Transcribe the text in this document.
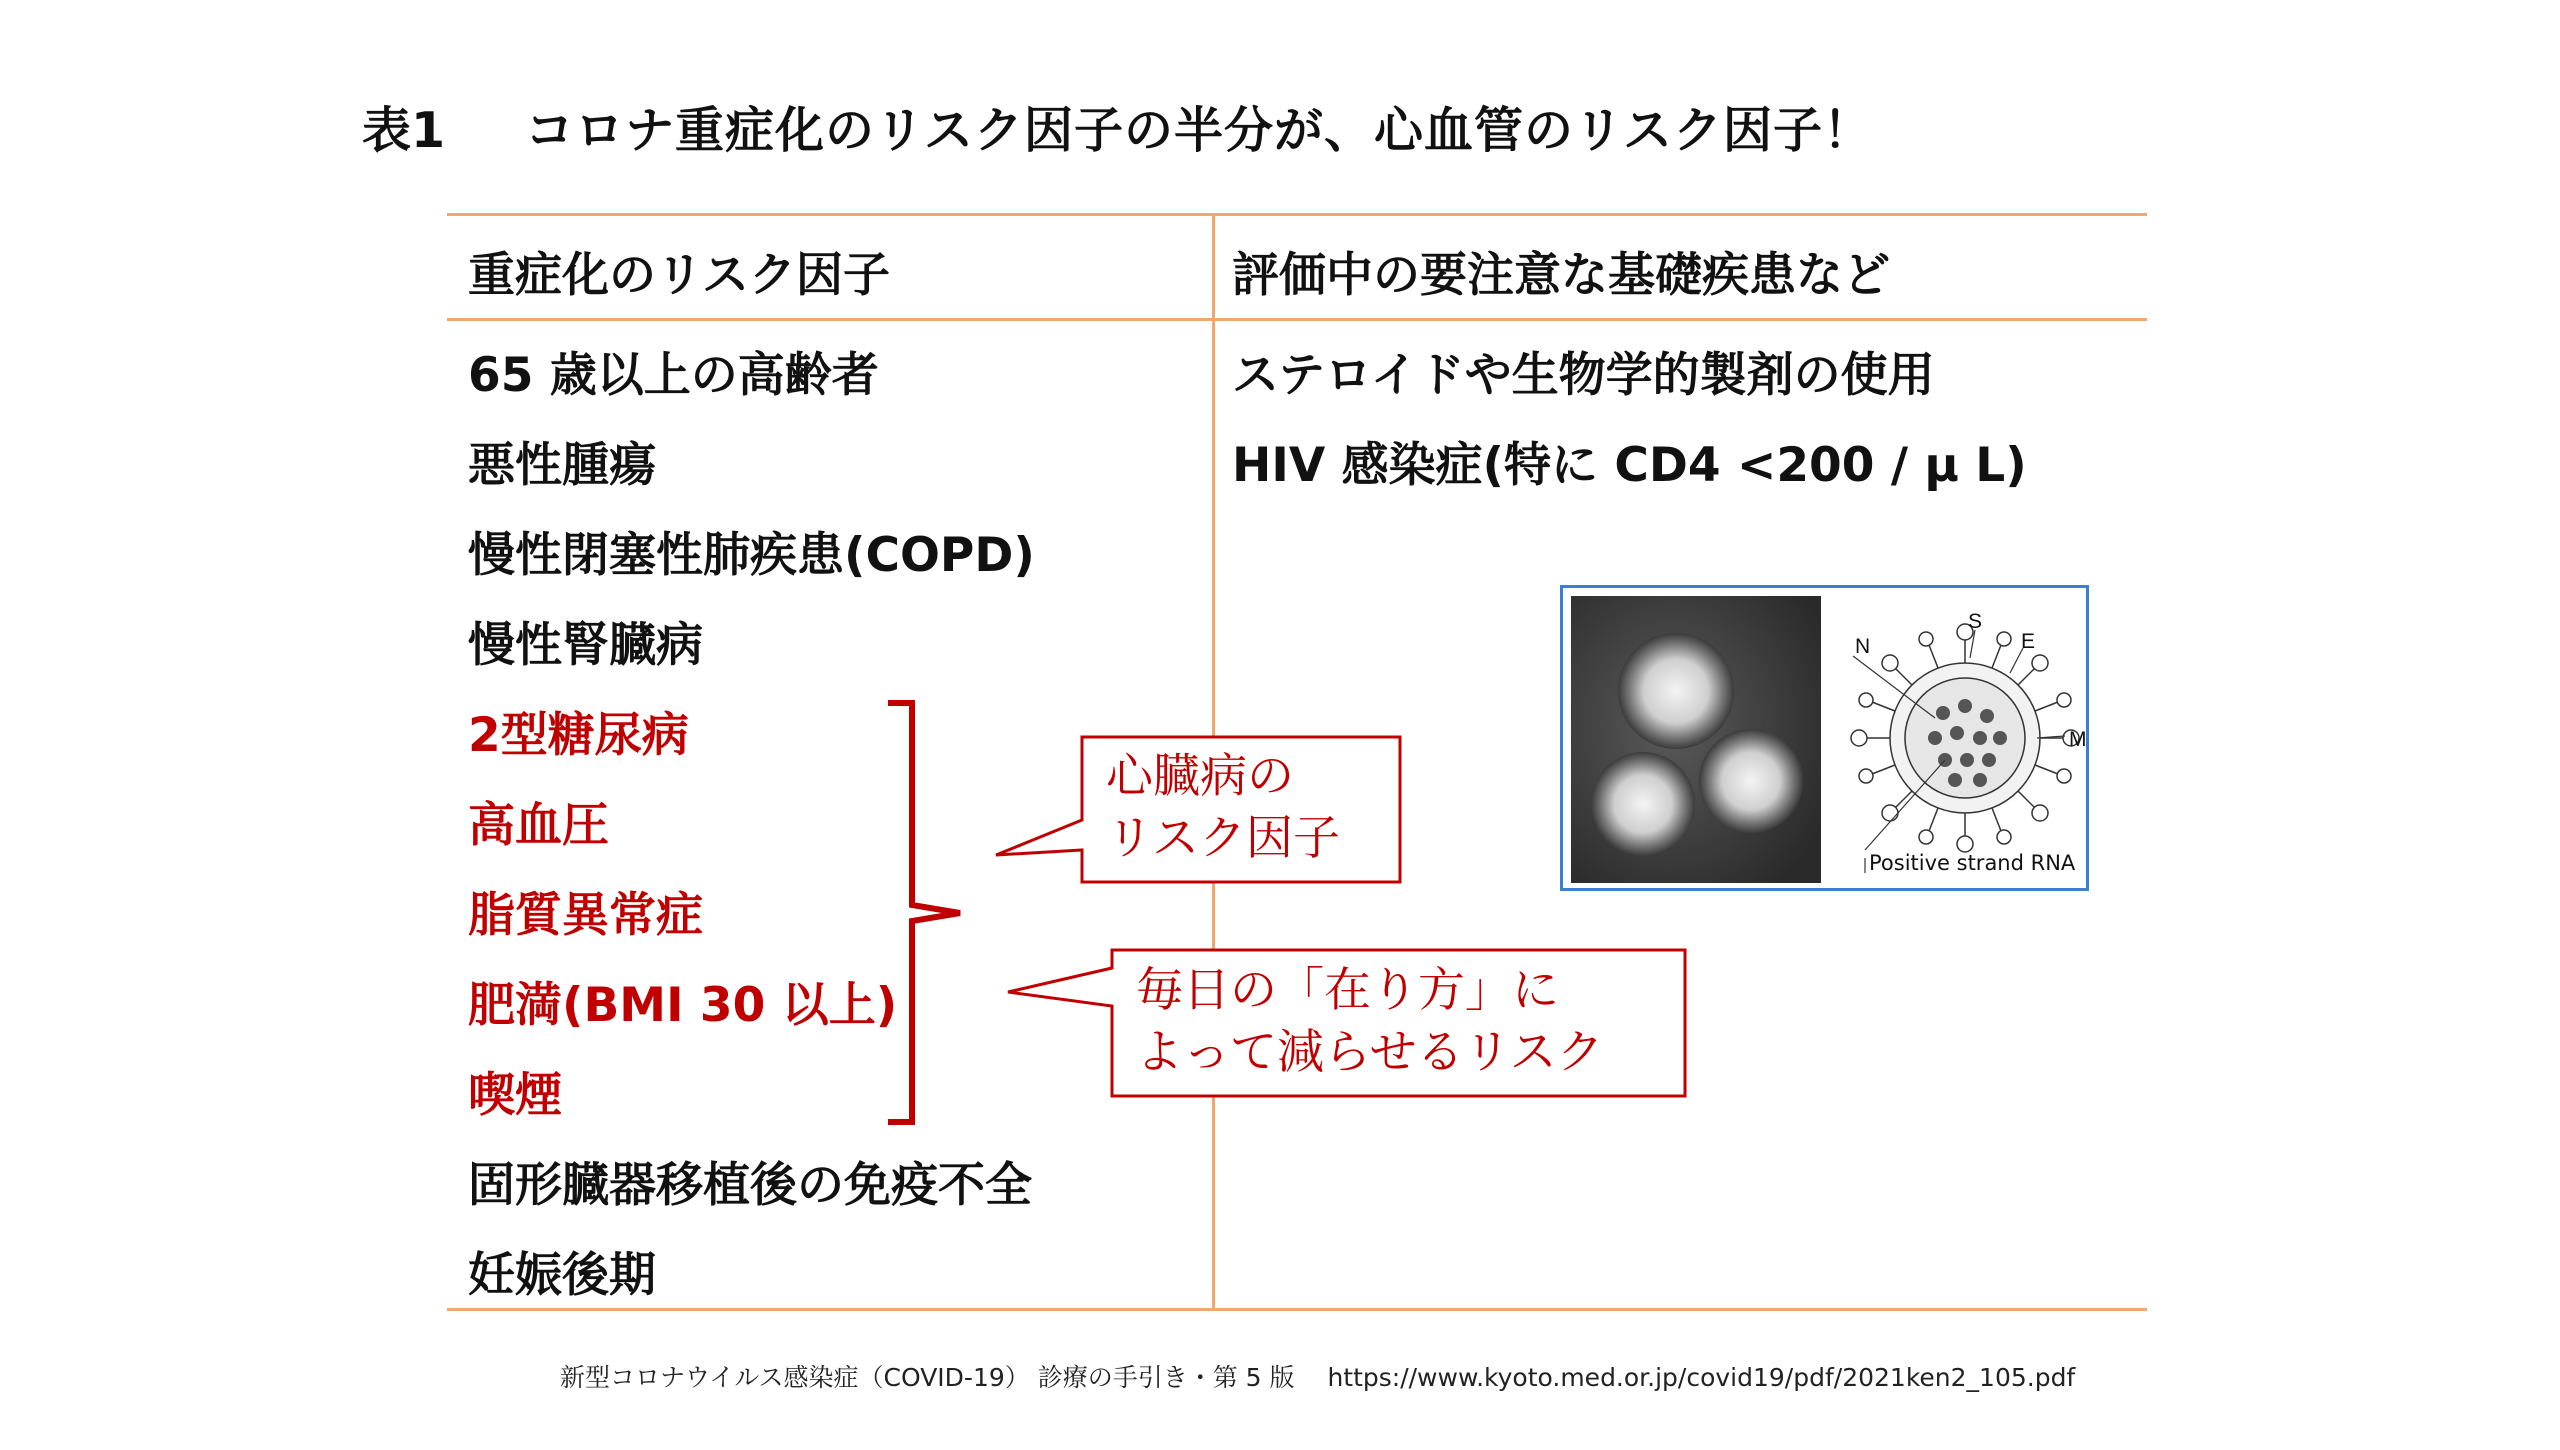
表1 コロナ重症化のリスク因子の半分が、心血管のリスク因子！
重症化のリスク因子	評価中の要注意な基礎疾患など
65 歳以上の高齢者
悪性腫瘍
慢性閉塞性肺疾患(COPD)
慢性腎臓病
2型糖尿病
高血圧
脂質異常症
肥満(BMI 30 以上)
喫煙
固形臓器移植後の免疫不全
妊娠後期
ステロイドや生物学的製剤の使用
HIV 感染症(特に CD4 <200 / μ L)
心臓病の
リスク因子
毎日の「在り方」に
よって減らせるリスク
N
S
E
M
Positive strand RNA
新型コロナウイルス感染症（COVID-19） 診療の手引き・第 5 版　 https://www.kyoto.med.or.jp/covid19/pdf/2021ken2_105.pdf
